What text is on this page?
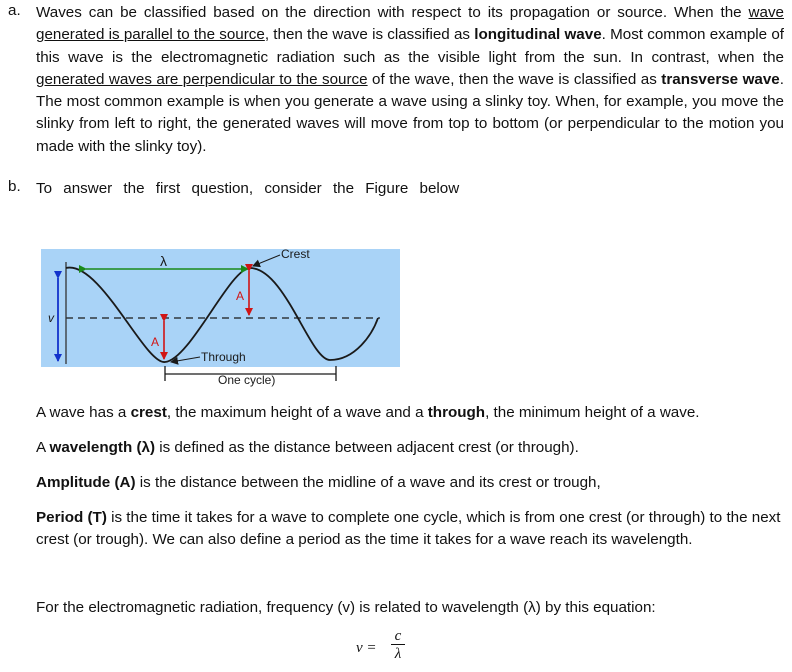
a. Waves can be classified based on the direction with respect to its propagation or source. When the wave generated is parallel to the source, then the wave is classified as longitudinal wave. Most common example of this wave is the electromagnetic radiation such as the visible light from the sun. In contrast, when the generated waves are perpendicular to the source of the wave, then the wave is classified as transverse wave. The most common example is when you generate a wave using a slinky toy. When, for example, you move the slinky from left to right, the generated waves will move from top to bottom (or perpendicular to the motion you made with the slinky toy).
b. To answer the first question, consider the Figure below
λ	Crest
A
A
v
Through
One cycle)
A wave has a crest, the maximum height of a wave and a through, the minimum height of a wave.
A wavelength (λ) is defined as the distance between adjacent crest (or through).
Amplitude (A) is the distance between the midline of a wave and its crest or trough,
Period (T) is the time it takes for a wave to complete one cycle, which is from one crest (or through) to the next crest (or trough). We can also define a period as the time it takes for a wave reach its wavelength.
For the electromagnetic radiation, frequency (v) is related to wavelength (λ) by this equation:
v =
c
λ
